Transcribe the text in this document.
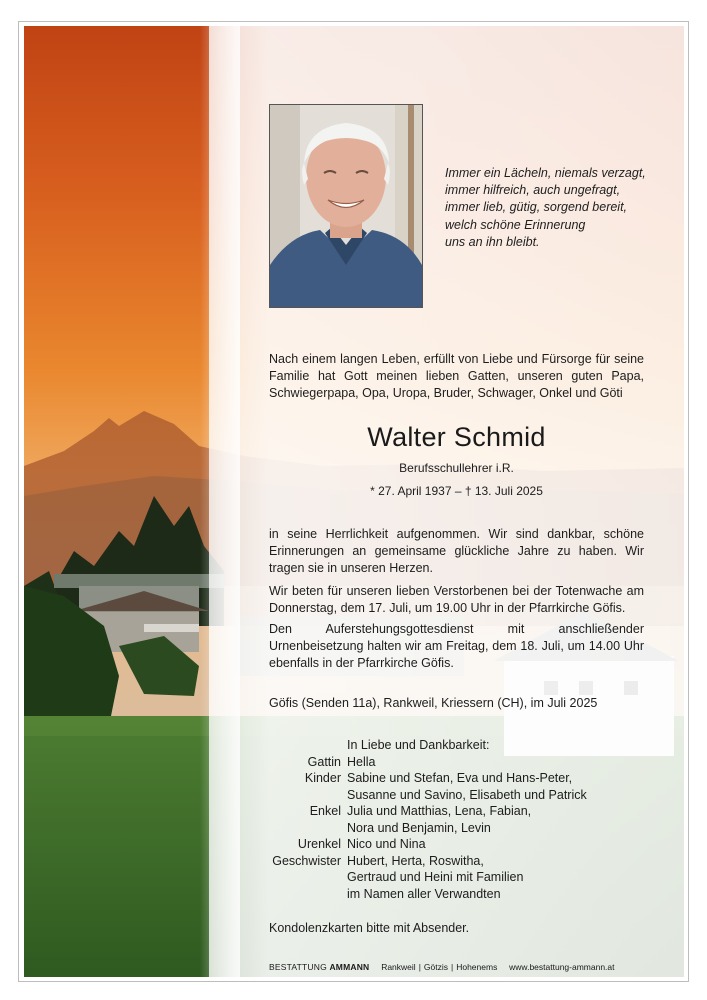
Immer ein Lächeln, niemals verzagt,
immer hilfreich, auch ungefragt,
immer lieb, gütig, sorgend bereit,
welch schöne Erinnerung
uns an ihn bleibt.
Nach einem langen Leben, erfüllt von Liebe und Fürsorge für seine Familie hat Gott meinen lieben Gatten, unseren guten Papa, Schwiegerpapa, Opa, Uropa, Bruder, Schwager, Onkel und Göti
Walter Schmid
Berufsschullehrer i.R.
* 27. April 1937 – † 13. Juli 2025
in seine Herrlichkeit aufgenommen. Wir sind dankbar, schöne Erinnerungen an gemeinsame glückliche Jahre zu haben. Wir tragen sie in unseren Herzen.
Wir beten für unseren lieben Verstorbenen bei der Totenwache am Donnerstag, dem 17. Juli, um 19.00 Uhr in der Pfarrkirche Göfis.
Den Auferstehungsgottesdienst mit anschließender Urnenbeisetzung halten wir am Freitag, dem 18. Juli, um 14.00 Uhr ebenfalls in der Pfarrkirche Göfis.
Göfis (Senden 11a), Rankweil, Kriessern (CH), im Juli 2025
In Liebe und Dankbarkeit:
Gattin Hella
Kinder Sabine und Stefan, Eva und Hans-Peter,
Susanne und Savino, Elisabeth und Patrick
Enkel Julia und Matthias, Lena, Fabian,
Nora und Benjamin, Levin
Urenkel Nico und Nina
Geschwister Hubert, Herta, Roswitha,
Gertraud und Heini mit Familien
im Namen aller Verwandten
Kondolenzkarten bitte mit Absender.
BESTATTUNG AMMANN Rankweil | Götzis | Hohenems www.bestattung-ammann.at
